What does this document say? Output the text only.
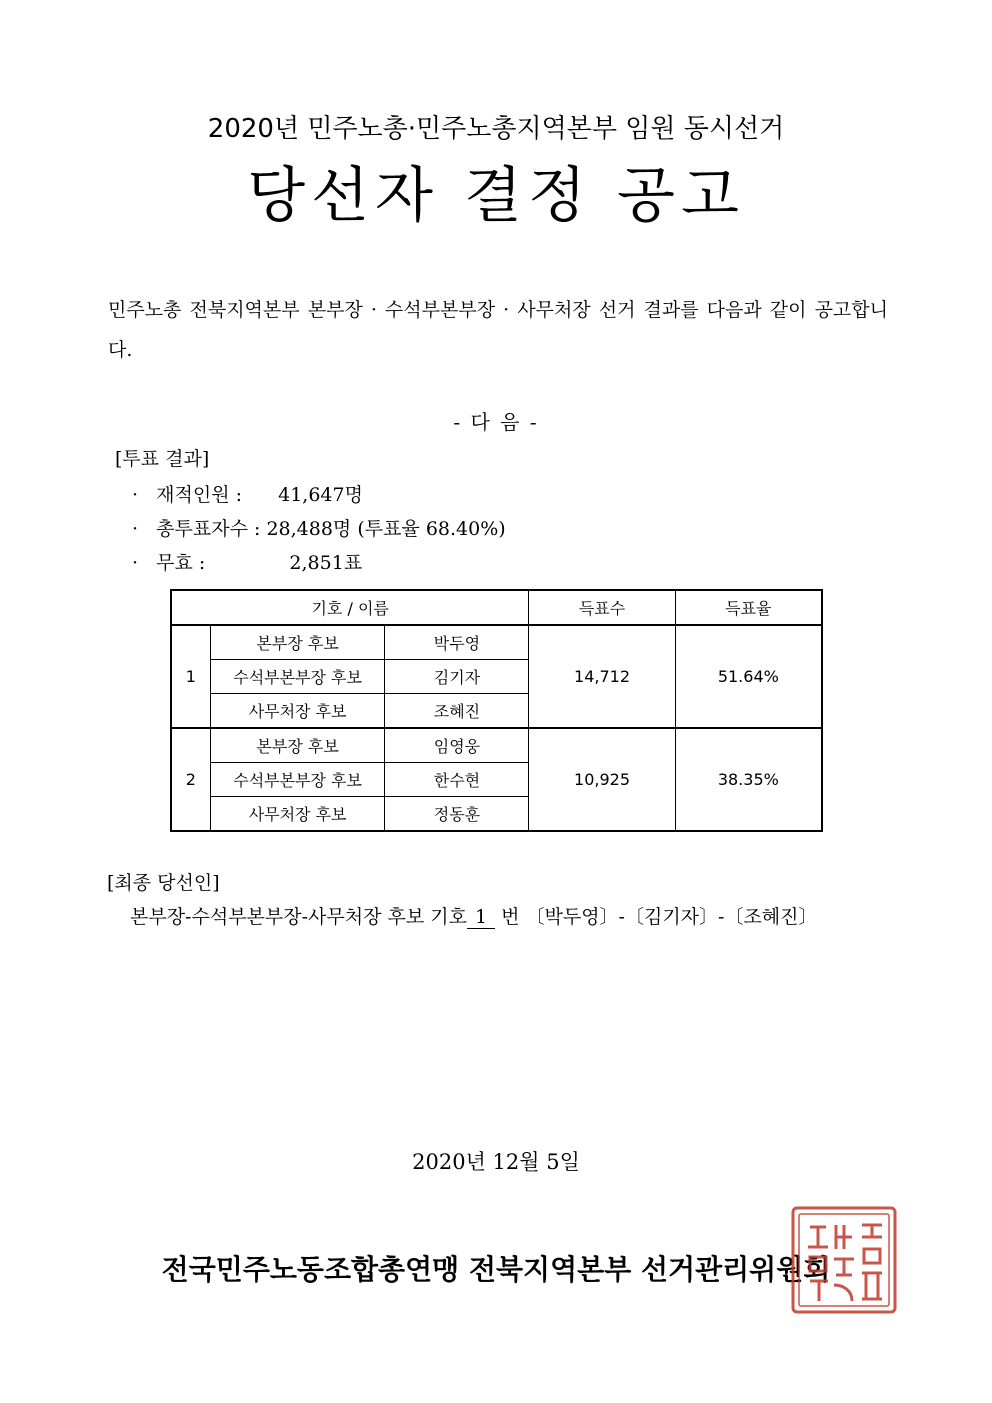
2020년 민주노총·민주노총지역본부 임원 동시선거
당선자 결정 공고
민주노총 전북지역본부 본부장 · 수석부본부장 · 사무처장 선거 결과를 다음과 같이 공고합니다.
- 다 음 -
[투표 결과]
· 재적인원 : 41,647명
· 총투표자수 : 28,488명 (투표율 68.40%)
· 무효 :	2,851표
기호 / 이름			득표수	득표율
1	본부장 후보	박두영	14,712	51.64%
	수석부본부장 후보	김기자		
	사무처장 후보	조혜진		
2	본부장 후보	임영웅	10,925	38.35%
	수석부본부장 후보	한수현		
	사무처장 후보	정동훈		
[최종 당선인]
본부장-수석부본부장-사무처장 후보 기호 1 번 〔박두영〕-〔김기자〕-〔조혜진〕
2020년 12월 5일
전국민주노동조합총연맹 전북지역본부 선거관리위원회
